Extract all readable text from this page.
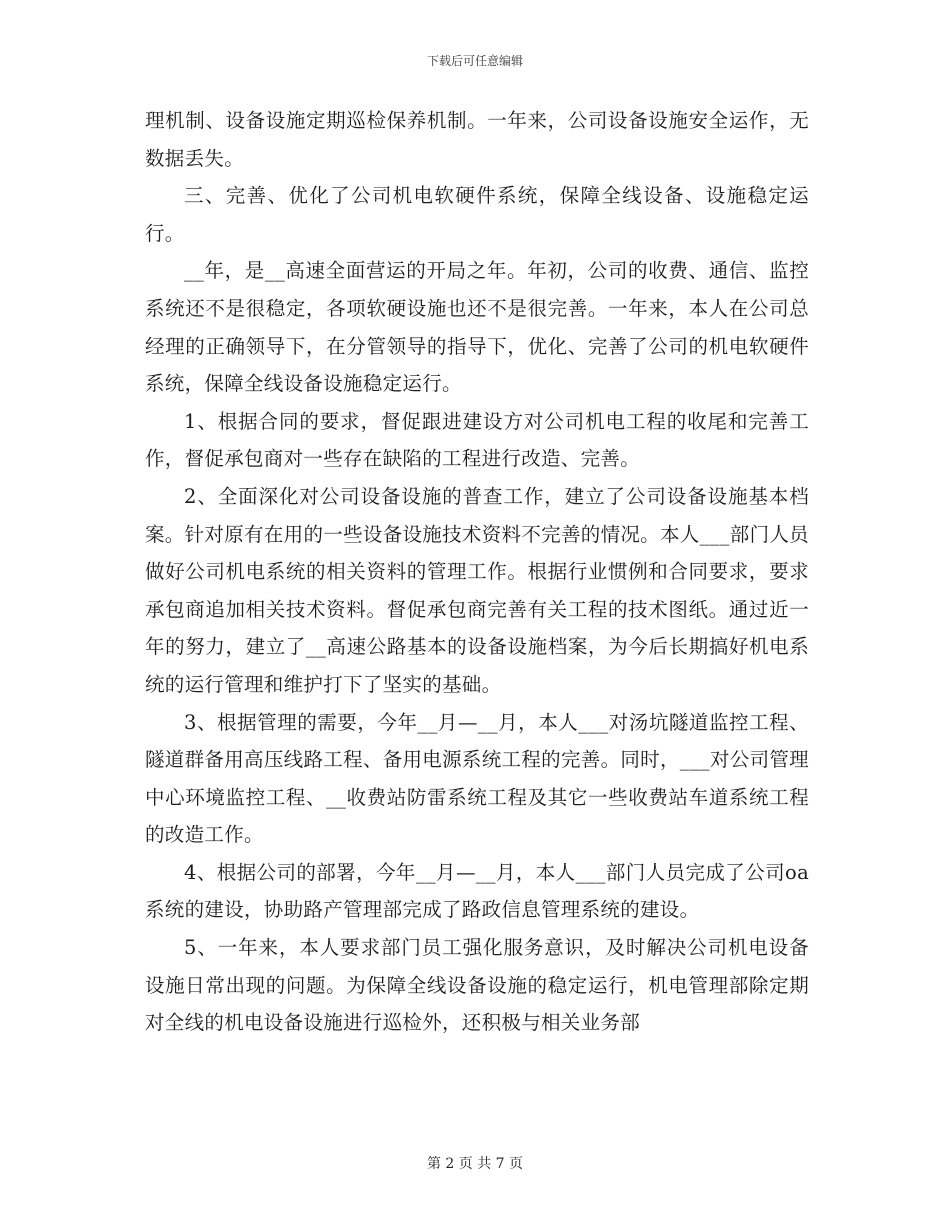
下载后可任意编辑

理机制、设备设施定期巡检保养机制。一年来，公司设备设施安全运作，无数据丢失。

三、完善、优化了公司机电软硬件系统，保障全线设备、设施稳定运行。

__年，是__高速全面营运的开局之年。年初，公司的收费、通信、监控系统还不是很稳定，各项软硬设施也还不是很完善。一年来，本人在公司总经理的正确领导下，在分管领导的指导下，优化、完善了公司的机电软硬件系统，保障全线设备设施稳定运行。

1、根据合同的要求，督促跟进建设方对公司机电工程的收尾和完善工作，督促承包商对一些存在缺陷的工程进行改造、完善。

2、全面深化对公司设备设施的普查工作，建立了公司设备设施基本档案。针对原有在用的一些设备设施技术资料不完善的情况。本人___部门人员做好公司机电系统的相关资料的管理工作。根据行业惯例和合同要求，要求承包商追加相关技术资料。督促承包商完善有关工程的技术图纸。通过近一年的努力，建立了__高速公路基本的设备设施档案，为今后长期搞好机电系统的运行管理和维护打下了坚实的基础。

3、根据管理的需要，今年__月—__月，本人___对汤坑隧道监控工程、隧道群备用高压线路工程、备用电源系统工程的完善。同时，___对公司管理中心环境监控工程、__收费站防雷系统工程及其它一些收费站车道系统工程的改造工作。

4、根据公司的部署，今年__月—__月，本人___部门人员完成了公司oa系统的建设，协助路产管理部完成了路政信息管理系统的建设。

5、一年来，本人要求部门员工强化服务意识，及时解决公司机电设备设施日常出现的问题。为保障全线设备设施的稳定运行，机电管理部除定期对全线的机电设备设施进行巡检外，还积极与相关业务部

第 2 页 共 7 页
